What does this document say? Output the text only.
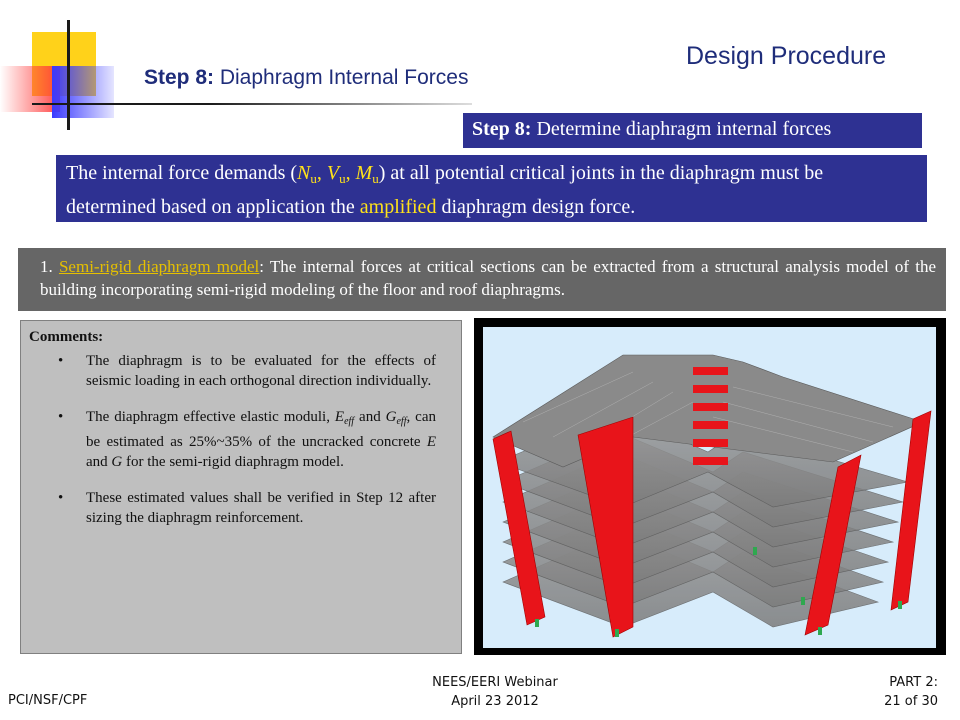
Design Procedure
Step 8: Diaphragm Internal Forces
Step 8: Determine diaphragm internal forces
The internal force demands ($N_u$, $V_u$, $M_u$) at all potential critical joints in the diaphragm must be determined based on application the amplified diaphragm design force.
1. Semi-rigid diaphragm model: The internal forces at critical sections can be extracted from a structural analysis model of the building incorporating semi-rigid modeling of the floor and roof diaphragms.
Comments:
• The diaphragm is to be evaluated for the effects of seismic loading in each orthogonal direction individually.
• The diaphragm effective elastic moduli, $E_{eff}$ and $G_{eff}$, can be estimated as 25%~35% of the uncracked concrete E and G for the semi-rigid diaphragm model.
• These estimated values shall be verified in Step 12 after sizing the diaphragm reinforcement.
PCI/NSF/CPF
NEES/EERI Webinar
April 23 2012
PART 2:
21 of 30
